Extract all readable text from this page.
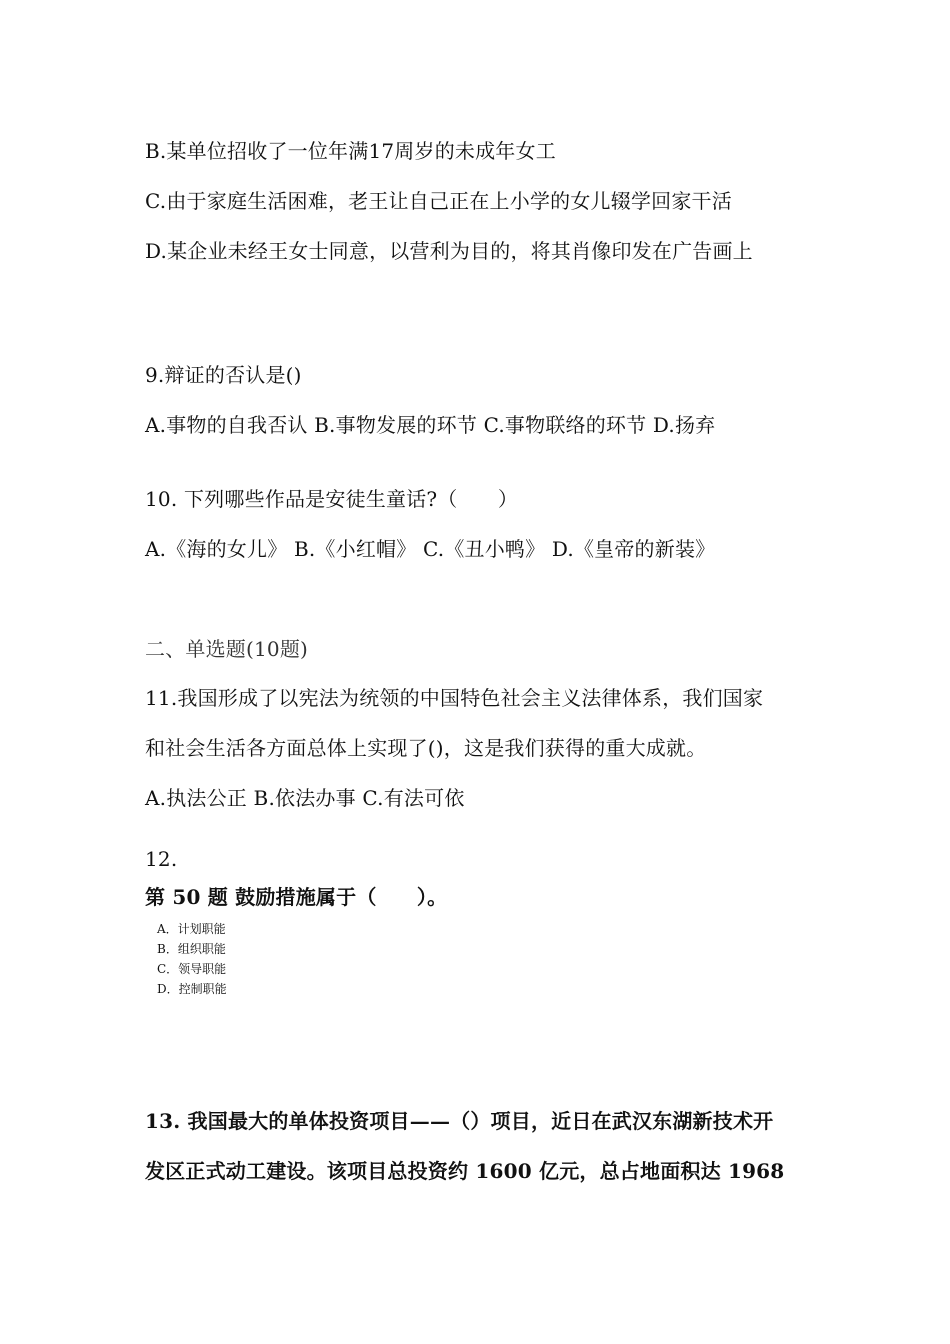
B.某单位招收了一位年满17周岁的未成年女工
C.由于家庭生活困难，老王让自己正在上小学的女儿辍学回家干活
D.某企业未经王女士同意，以营利为目的，将其肖像印发在广告画上
9.辩证的否认是()
A.事物的自我否认 B.事物发展的环节 C.事物联络的环节 D.扬弃
10. 下列哪些作品是安徒生童话?（　　）
A.《海的女儿》 B.《小红帽》 C.《丑小鸭》 D.《皇帝的新装》
二、单选题(10题)
11.我国形成了以宪法为统领的中国特色社会主义法律体系，我们国家
和社会生活各方面总体上实现了()，这是我们获得的重大成就。
A.执法公正 B.依法办事 C.有法可依
12.
第 50 题 鼓励措施属于（　　）。
A．计划职能
B．组织职能
C．领导职能
D．控制职能
13. 我国最大的单体投资项目——（）项目，近日在武汉东湖新技术开
发区正式动工建设。该项目总投资约 1600 亿元，总占地面积达 1968
